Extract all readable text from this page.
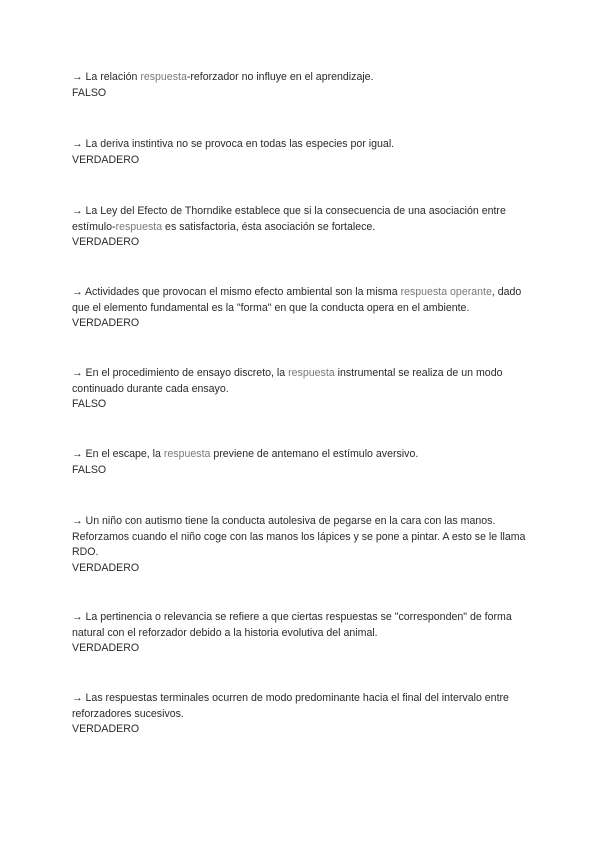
→ La relación respuesta-reforzador no influye en el aprendizaje.

FALSO

→ La deriva instintiva no se provoca en todas las especies por igual.

VERDADERO

→ La Ley del Efecto de Thorndike establece que si la consecuencia de una asociación entre estímulo-respuesta es satisfactoria, ésta asociación se fortalece.

VERDADERO

→ Actividades que provocan el mismo efecto ambiental son la misma respuesta operante, dado que el elemento fundamental es la "forma" en que la conducta opera en el ambiente.

VERDADERO

→ En el procedimiento de ensayo discreto, la respuesta instrumental se realiza de un modo continuado durante cada ensayo.

FALSO

→ En el escape, la respuesta previene de antemano el estímulo aversivo.

FALSO

→ Un niño con autismo tiene la conducta autolesiva de pegarse en la cara con las manos. Reforzamos cuando el niño coge con las manos los lápices y se pone a pintar. A esto se le llama RDO.

VERDADERO

→ La pertinencia o relevancia se refiere a que ciertas respuestas se "corresponden" de forma natural con el reforzador debido a la historia evolutiva del animal.

VERDADERO

→ Las respuestas terminales ocurren de modo predominante hacia el final del intervalo entre reforzadores sucesivos.

VERDADERO
